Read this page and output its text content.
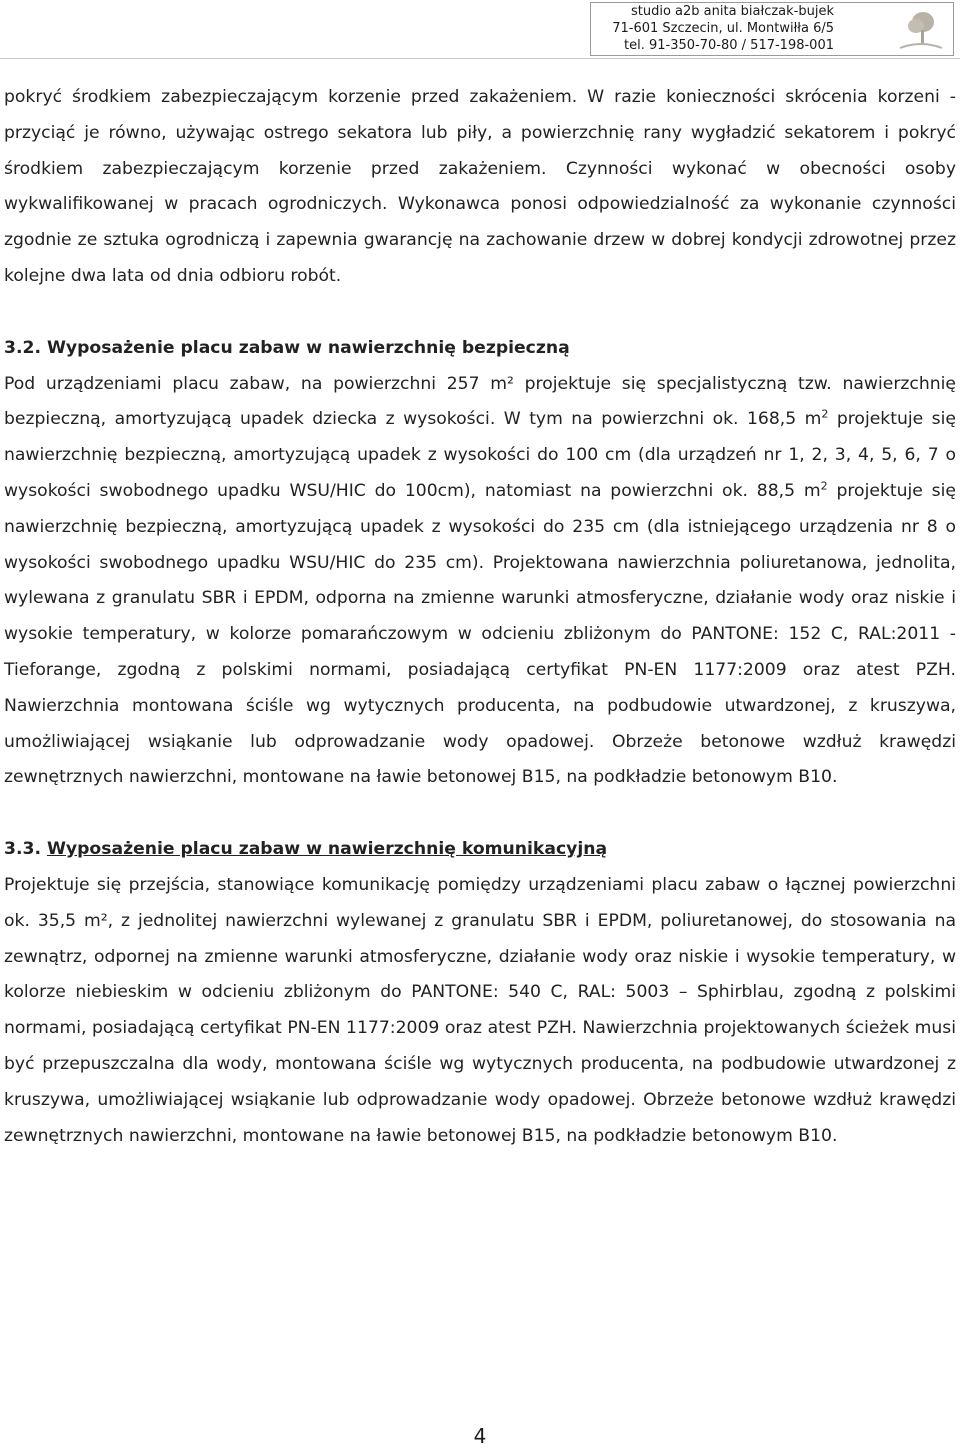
studio a2b anita białczak-bujek
71-601 Szczecin, ul. Montwiłła 6/5
tel. 91-350-70-80 / 517-198-001

pokryć środkiem zabezpieczającym korzenie przed zakażeniem. W razie konieczności skrócenia korzeni - przyciąć je równo, używając ostrego sekatora lub piły, a powierzchnię rany wygładzić sekatorem i pokryć środkiem zabezpieczającym korzenie przed zakażeniem. Czynności wykonać w obecności osoby wykwalifikowanej w pracach ogrodniczych. Wykonawca ponosi odpowiedzialność za wykonanie czynności zgodnie ze sztuka ogrodniczą i zapewnia gwarancję na zachowanie drzew w dobrej kondycji zdrowotnej przez kolejne dwa lata od dnia odbioru robót.

3.2. Wyposażenie placu zabaw w nawierzchnię bezpieczną

Pod urządzeniami placu zabaw, na powierzchni 257 m² projektuje się specjalistyczną tzw. nawierzchnię bezpieczną, amortyzującą upadek dziecka z wysokości. W tym na powierzchni ok. 168,5 $m^2$ projektuje się nawierzchnię bezpieczną, amortyzującą upadek z wysokości do 100 cm (dla urządzeń nr 1, 2, 3, 4, 5, 6, 7 o wysokości swobodnego upadku WSU/HIC do 100cm), natomiast na powierzchni ok. 88,5 $m^2$ projektuje się nawierzchnię bezpieczną, amortyzującą upadek z wysokości do 235 cm (dla istniejącego urządzenia nr 8 o wysokości swobodnego upadku WSU/HIC do 235 cm). Projektowana nawierzchnia poliuretanowa, jednolita, wylewana z granulatu SBR i EPDM, odporna na zmienne warunki atmosferyczne, działanie wody oraz niskie i wysokie temperatury, w kolorze pomarańczowym w odcieniu zbliżonym do PANTONE: 152 C, RAL:2011 - Tieforange, zgodną z polskimi normami, posiadającą certyfikat PN-EN 1177:2009 oraz atest PZH. Nawierzchnia montowana ściśle wg wytycznych producenta, na podbudowie utwardzonej, z kruszywa, umożliwiającej wsiąkanie lub odprowadzanie wody opadowej. Obrzeże betonowe wzdłuż krawędzi zewnętrznych nawierzchni, montowane na ławie betonowej B15, na podkładzie betonowym B10.

3.3. Wyposażenie placu zabaw w nawierzchnię komunikacyjną

Projektuje się przejścia, stanowiące komunikację pomiędzy urządzeniami placu zabaw o łącznej powierzchni ok. 35,5 m², z jednolitej nawierzchni wylewanej z granulatu SBR i EPDM, poliuretanowej, do stosowania na zewnątrz, odpornej na zmienne warunki atmosferyczne, działanie wody oraz niskie i wysokie temperatury, w kolorze niebieskim w odcieniu zbliżonym do PANTONE: 540 C, RAL: 5003 – Sphirblau, zgodną z polskimi normami, posiadającą certyfikat PN-EN 1177:2009 oraz atest PZH. Nawierzchnia projektowanych ścieżek musi być przepuszczalna dla wody, montowana ściśle wg wytycznych producenta, na podbudowie utwardzonej z kruszywa, umożliwiającej wsiąkanie lub odprowadzanie wody opadowej. Obrzeże betonowe wzdłuż krawędzi zewnętrznych nawierzchni, montowane na ławie betonowej B15, na podkładzie betonowym B10.

4
